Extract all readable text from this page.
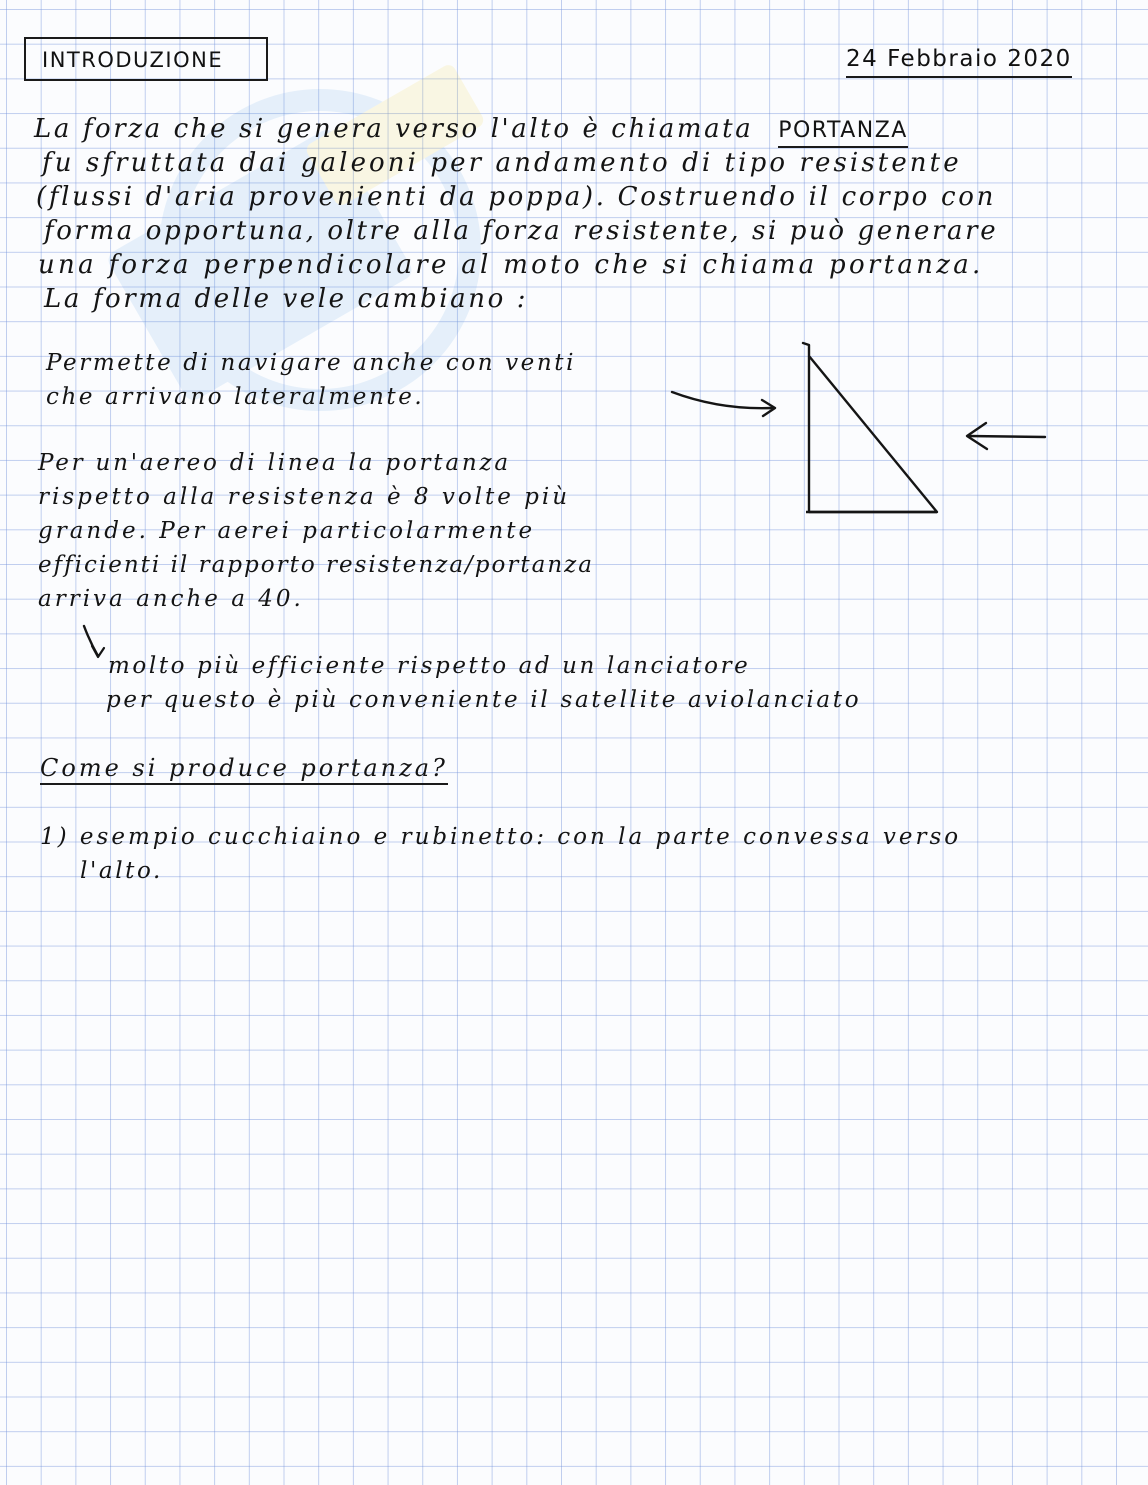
INTRODUZIONE	24 Febbraio 2020
La forza che si genera verso l'alto è chiamata PORTANZA
fu sfruttata dai galeoni per andamento di tipo resistente
(flussi d'aria provenienti da poppa). Costruendo il corpo con
forma opportuna, oltre alla forza resistente, si può generare
una forza perpendicolare al moto che si chiama portanza.
La forma delle vele cambiano :
Permette di navigare anche con venti
che arrivano lateralmente.
Per un'aereo di linea la portanza
rispetto alla resistenza è 8 volte più
grande. Per aerei particolarmente
efficienti il rapporto resistenza/portanza
arriva anche a 40.
molto più efficiente rispetto ad un lanciatore
per questo è più conveniente il satellite aviolanciato
Come si produce portanza?
1) esempio cucchiaino e rubinetto: con la parte convessa verso
l'alto.
